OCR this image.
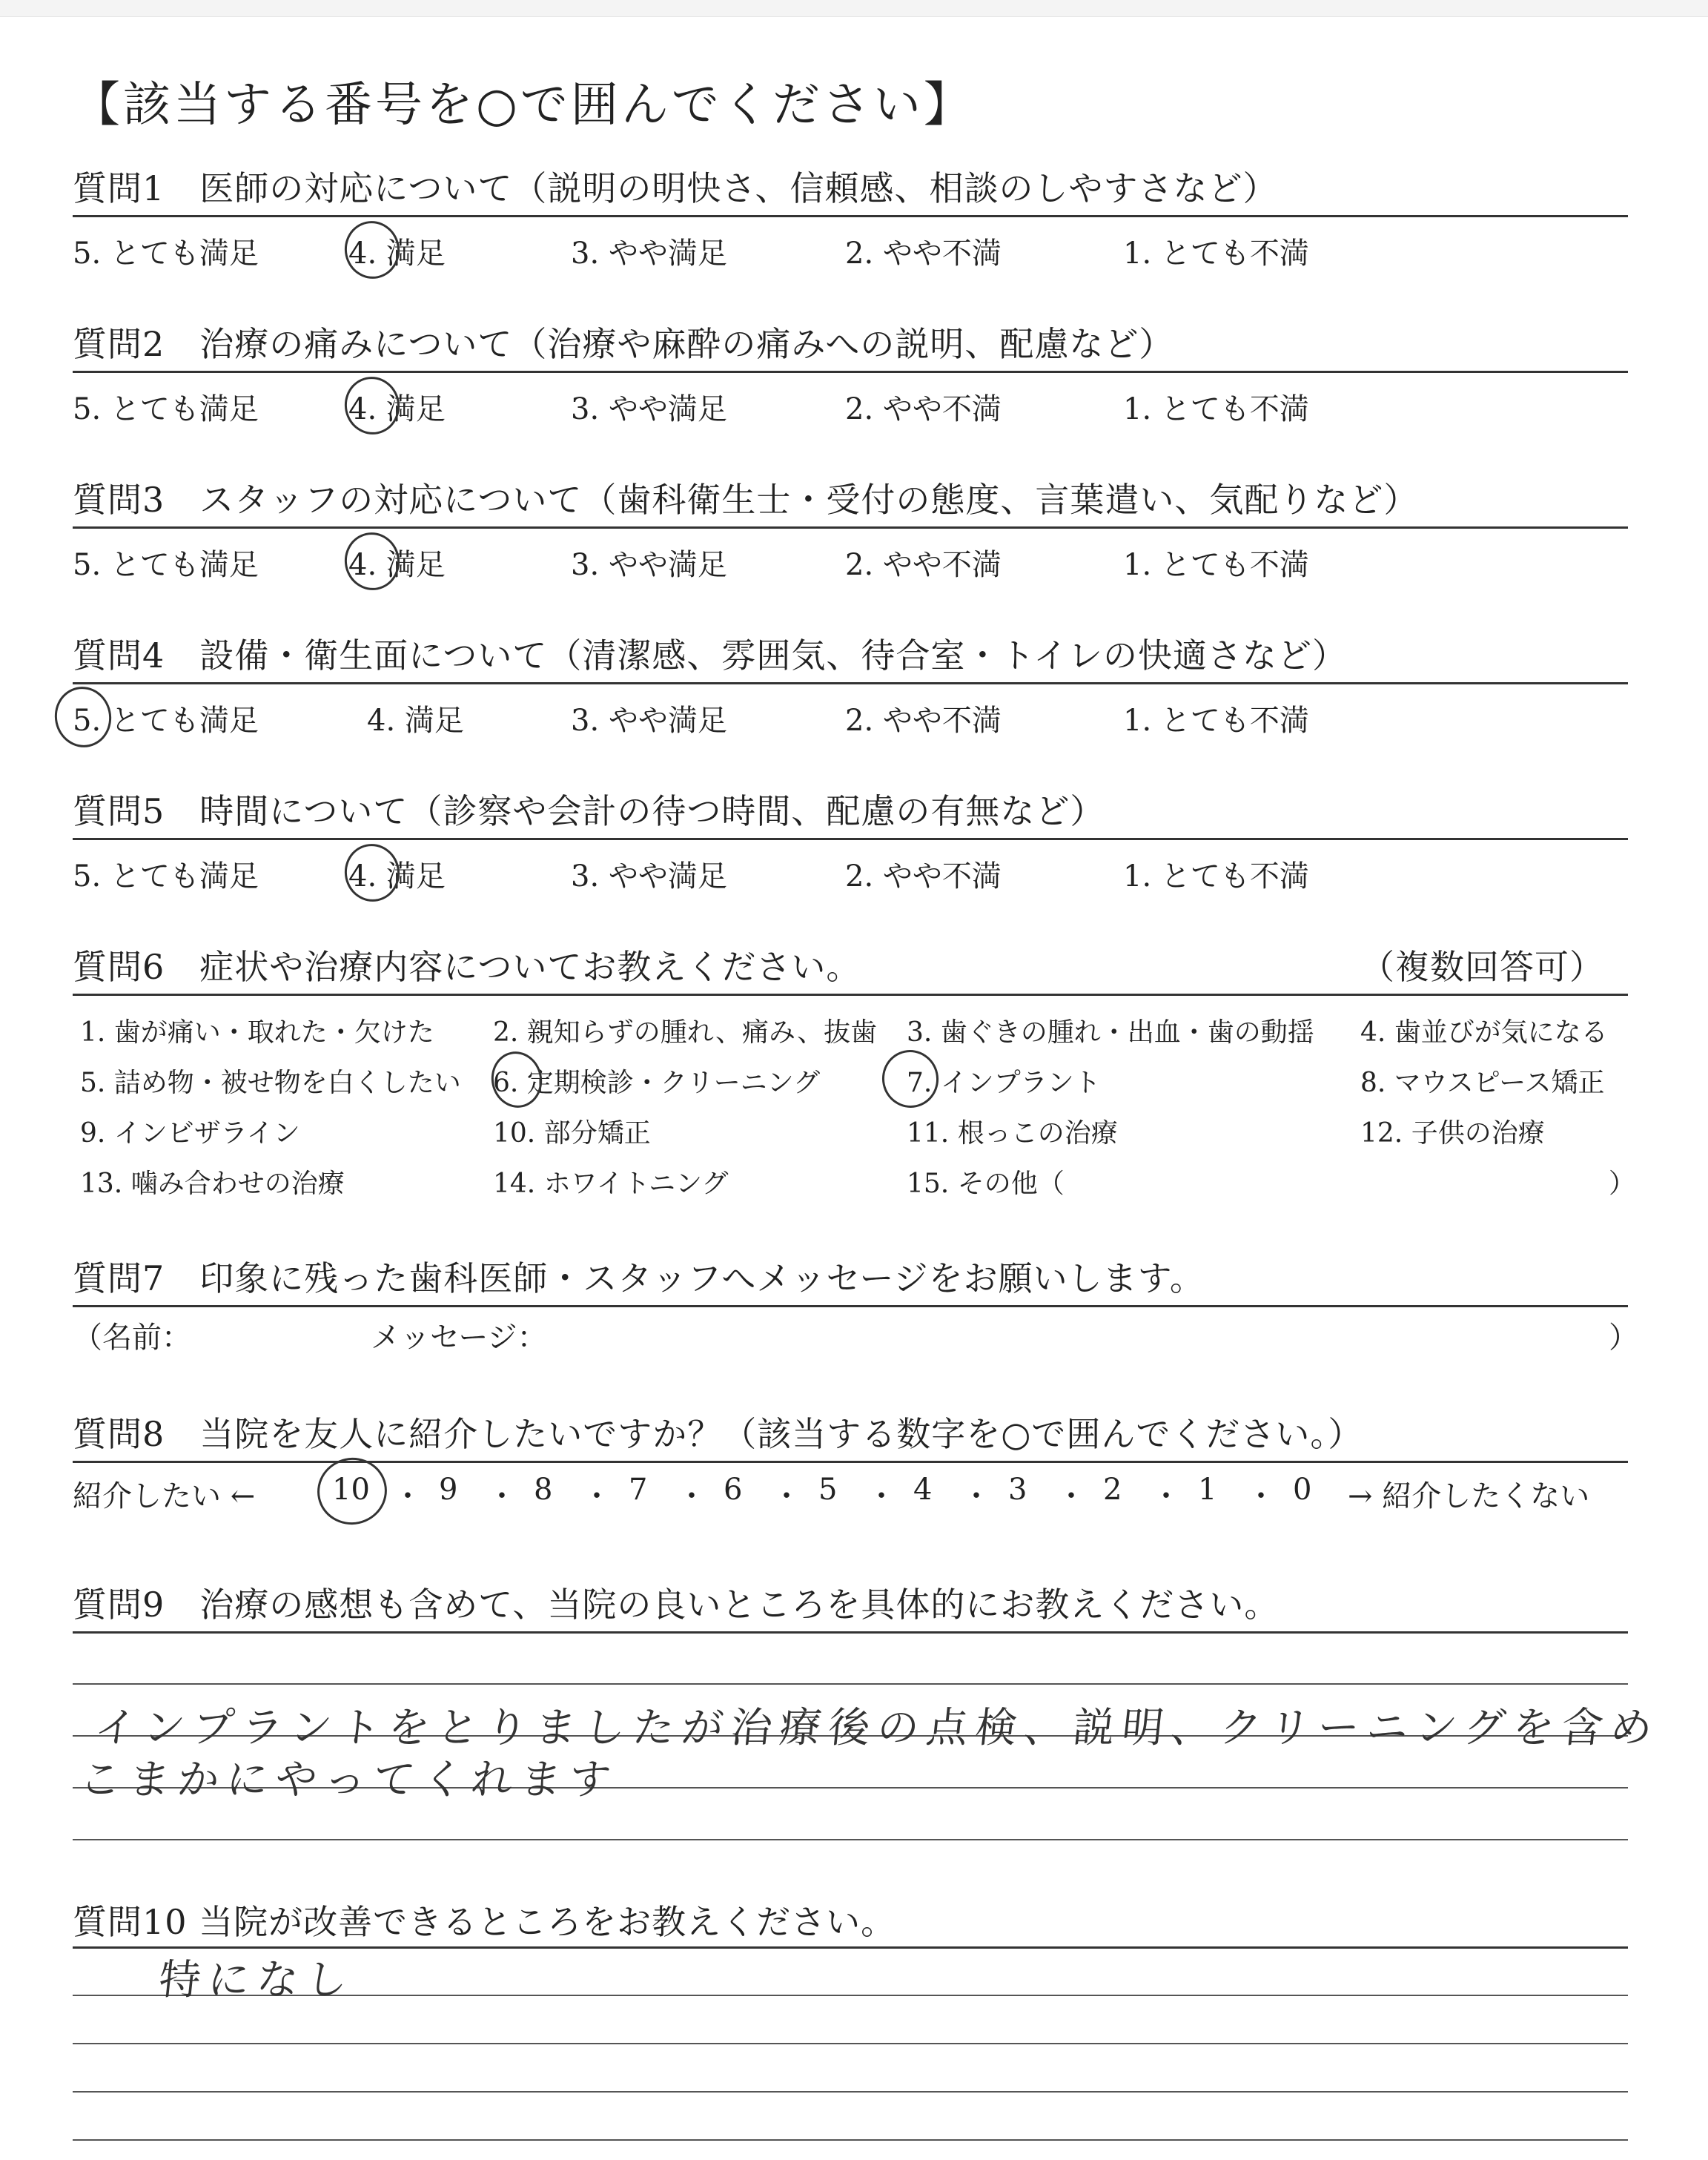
【該当する番号を○で囲んでください】
質問1　医師の対応について（説明の明快さ、信頼感、相談のしやすさなど）
5. とても満足	4. 満足	3. やや満足	2. やや不満	1. とても不満
質問2　治療の痛みについて（治療や麻酔の痛みへの説明、配慮など）
5. とても満足	4. 満足	3. やや満足	2. やや不満	1. とても不満
質問3　スタッフの対応について（歯科衛生士・受付の態度、言葉遣い、気配りなど）
5. とても満足	4. 満足	3. やや満足	2. やや不満	1. とても不満
質問4　設備・衛生面について（清潔感、雰囲気、待合室・トイレの快適さなど）
5. とても満足	4. 満足	3. やや満足	2. やや不満	1. とても不満
質問5　時間について（診察や会計の待つ時間、配慮の有無など）
5. とても満足	4. 満足	3. やや満足	2. やや不満	1. とても不満
質問6　症状や治療内容についてお教えください。	（複数回答可）
1. 歯が痛い・取れた・欠けた 2. 親知らずの腫れ、痛み、抜歯 3. 歯ぐきの腫れ・出血・歯の動揺 4. 歯並びが気になる
5. 詰め物・被せ物を白くしたい 6. 定期検診・クリーニング	7. インプラント	8. マウスピース矯正
9. インビザライン	10. 部分矯正	11. 根っこの治療	12. 子供の治療
13. 噛み合わせの治療	14. ホワイトニング	15. その他（	）
質問7　印象に残った歯科医師・スタッフへメッセージをお願いします。
（名前：	メッセージ：	）
質問8　当院を友人に紹介したいですか？（該当する数字を○で囲んでください。）
紹介したい ←	10 ・ 9 ・ 8 ・ 7 ・ 6 ・ 5 ・ 4 ・ 3 ・ 2 ・ 1 ・ 0 → 紹介したくない
質問9　治療の感想も含めて、当院の良いところを具体的にお教えください。
インプラントをとりましたが治療後の点検、説明、クリーニングを含め
こまかにやってくれます
質問10 当院が改善できるところをお教えください。
特になし
